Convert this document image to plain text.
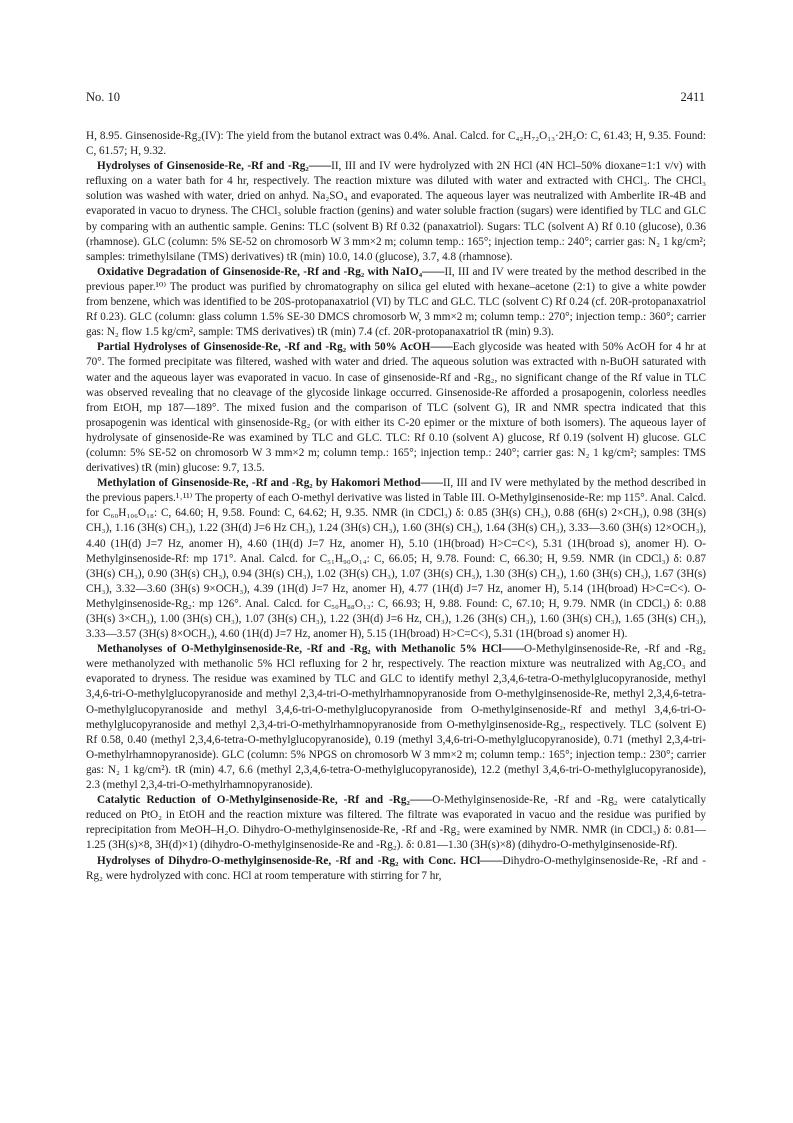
No. 10	2411

H, 8.95. Ginsenoside-Rg₂(IV): The yield from the butanol extract was 0.4%. Anal. Calcd. for C₄₂H₇₂O₁₃·2H₂O: C, 61.43; H, 9.35. Found: C, 61.57; H, 9.32.

Hydrolyses of Ginsenoside-Re, -Rf and -Rg₂——II, III and IV were hydrolyzed with 2N HCl (4N HCl–50% dioxane=1:1 v/v) with refluxing on a water bath for 4 hr, respectively. The reaction mixture was diluted with water and extracted with CHCl₃. The CHCl₃ solution was washed with water, dried on anhyd. Na₂SO₄ and evaporated. The aqueous layer was neutralized with Amberlite IR-4B and evaporated in vacuo to dryness. The CHCl₃ soluble fraction (genins) and water soluble fraction (sugars) were identified by TLC and GLC by comparing with an authentic sample. Genins: TLC (solvent B) Rf 0.32 (panaxatriol). Sugars: TLC (solvent A) Rf 0.10 (glucose), 0.36 (rhamnose). GLC (column: 5% SE-52 on chromosorb W 3 mm×2 m; column temp.: 165°; injection temp.: 240°; carrier gas: N₂ 1 kg/cm²; samples: trimethylsilane (TMS) derivatives) tR (min) 10.0, 14.0 (glucose), 3.7, 4.8 (rhamnose).

Oxidative Degradation of Ginsenoside-Re, -Rf and -Rg₂ with NaIO₄——II, III and IV were treated by the method described in the previous paper.¹⁰⁾ The product was purified by chromatography on silica gel eluted with hexane–acetone (2:1) to give a white powder from benzene, which was identified to be 20S-protopanaxatriol (VI) by TLC and GLC. TLC (solvent C) Rf 0.24 (cf. 20R-protopanaxatriol Rf 0.23). GLC (column: glass column 1.5% SE-30 DMCS chromosorb W, 3 mm×2 m; column temp.: 270°; injection temp.: 360°; carrier gas: N₂ flow 1.5 kg/cm², sample: TMS derivatives) tR (min) 7.4 (cf. 20R-protopanaxatriol tR (min) 9.3).

Partial Hydrolyses of Ginsenoside-Re, -Rf and -Rg₂ with 50% AcOH——Each glycoside was heated with 50% AcOH for 4 hr at 70°. The formed precipitate was filtered, washed with water and dried. The aqueous solution was extracted with n-BuOH saturated with water and the aqueous layer was evaporated in vacuo. In case of ginsenoside-Rf and -Rg₂, no significant change of the Rf value in TLC was observed revealing that no cleavage of the glycoside linkage occurred. Ginsenoside-Re afforded a prosapogenin, colorless needles from EtOH, mp 187—189°. The mixed fusion and the comparison of TLC (solvent G), IR and NMR spectra indicated that this prosapogenin was identical with ginsenoside-Rg₂ (or with either its C-20 epimer or the mixture of both isomers). The aqueous layer of hydrolysate of ginsenoside-Re was examined by TLC and GLC. TLC: Rf 0.10 (solvent A) glucose, Rf 0.19 (solvent H) glucose. GLC (column: 5% SE-52 on chromosorb W 3 mm×2 m; column temp.: 165°; injection temp.: 240°; carrier gas: N₂ 1 kg/cm²; samples: TMS derivatives) tR (min) glucose: 9.7, 13.5.

Methylation of Ginsenoside-Re, -Rf and -Rg₂ by Hakomori Method——II, III and IV were methylated by the method described in the previous papers.¹˒¹¹⁾ The property of each O-methyl derivative was listed in Table III. O-Methylginsenoside-Re: mp 115°. Anal. Calcd. for C₆₀H₁₀₆O₁₈: C, 64.60; H, 9.58. Found: C, 64.62; H, 9.35. NMR (in CDCl₃) δ: 0.85 (3H(s) CH₃), 0.88 (6H(s) 2×CH₃), 0.98 (3H(s) CH₃), 1.16 (3H(s) CH₃), 1.22 (3H(d) J=6 Hz CH₃), 1.24 (3H(s) CH₃), 1.60 (3H(s) CH₃), 1.64 (3H(s) CH₃), 3.33—3.60 (3H(s) 12×OCH₃), 4.40 (1H(d) J=7 Hz, anomer H), 4.60 (1H(d) J=7 Hz, anomer H), 5.10 (1H(broad) H>C=C<), 5.31 (1H(broad s), anomer H). O-Methylginsenoside-Rf: mp 171°. Anal. Calcd. for C₅₁H₉₀O₁₄: C, 66.05; H, 9.78. Found: C, 66.30; H, 9.59. NMR (in CDCl₃) δ: 0.87 (3H(s) CH₃), 0.90 (3H(s) CH₃), 0.94 (3H(s) CH₃), 1.02 (3H(s) CH₃), 1.07 (3H(s) CH₃), 1.30 (3H(s) CH₃), 1.60 (3H(s) CH₃), 1.67 (3H(s) CH₃), 3.32—3.60 (3H(s) 9×OCH₃), 4.39 (1H(d) J=7 Hz, anomer H), 4.77 (1H(d) J=7 Hz, anomer H), 5.14 (1H(broad) H>C=C<). O-Methylginsenoside-Rg₂: mp 126°. Anal. Calcd. for C₅₀H₈₈O₁₃: C, 66.93; H, 9.88. Found: C, 67.10; H, 9.79. NMR (in CDCl₃) δ: 0.88 (3H(s) 3×CH₃), 1.00 (3H(s) CH₃), 1.07 (3H(s) CH₃), 1.22 (3H(d) J=6 Hz, CH₃), 1.26 (3H(s) CH₃), 1.60 (3H(s) CH₃), 1.65 (3H(s) CH₃), 3.33—3.57 (3H(s) 8×OCH₃), 4.60 (1H(d) J=7 Hz, anomer H), 5.15 (1H(broad) H>C=C<), 5.31 (1H(broad s) anomer H).

Methanolyses of O-Methylginsenoside-Re, -Rf and -Rg₂ with Methanolic 5% HCl——O-Methylginsenoside-Re, -Rf and -Rg₂ were methanolyzed with methanolic 5% HCl refluxing for 2 hr, respectively. The reaction mixture was neutralized with Ag₂CO₃ and evaporated to dryness. The residue was examined by TLC and GLC to identify methyl 2,3,4,6-tetra-O-methylglucopyranoside, methyl 3,4,6-tri-O-methylglucopyranoside and methyl 2,3,4-tri-O-methylrhamnopyranoside from O-methylginsenoside-Re, methyl 2,3,4,6-tetra-O-methylglucopyranoside and methyl 3,4,6-tri-O-methylglucopyranoside from O-methylginsenoside-Rf and methyl 3,4,6-tri-O-methylglucopyranoside and methyl 2,3,4-tri-O-methylrhamnopyranoside from O-methylginsenoside-Rg₂, respectively. TLC (solvent E) Rf 0.58, 0.40 (methyl 2,3,4,6-tetra-O-methylglucopyranoside), 0.19 (methyl 3,4,6-tri-O-methylglucopyranoside), 0.71 (methyl 2,3,4-tri-O-methylrhamnopyranoside). GLC (column: 5% NPGS on chromosorb W 3 mm×2 m; column temp.: 165°; injection temp.: 230°; carrier gas: N₂ 1 kg/cm²). tR (min) 4.7, 6.6 (methyl 2,3,4,6-tetra-O-methylglucopyranoside), 12.2 (methyl 3,4,6-tri-O-methylglucopyranoside), 2.3 (methyl 2,3,4-tri-O-methylrhamnopyranoside).

Catalytic Reduction of O-Methylginsenoside-Re, -Rf and -Rg₂——O-Methylginsenoside-Re, -Rf and -Rg₂ were catalytically reduced on PtO₂ in EtOH and the reaction mixture was filtered. The filtrate was evaporated in vacuo and the residue was purified by reprecipitation from MeOH–H₂O. Dihydro-O-methylginsenoside-Re, -Rf and -Rg₂ were examined by NMR. NMR (in CDCl₃) δ: 0.81—1.25 (3H(s)×8, 3H(d)×1) (dihydro-O-methylginsenoside-Re and -Rg₂). δ: 0.81—1.30 (3H(s)×8) (dihydro-O-methylginsenoside-Rf).

Hydrolyses of Dihydro-O-methylginsenoside-Re, -Rf and -Rg₂ with Conc. HCl——Dihydro-O-methylginsenoside-Re, -Rf and -Rg₂ were hydrolyzed with conc. HCl at room temperature with stirring for 7 hr,
